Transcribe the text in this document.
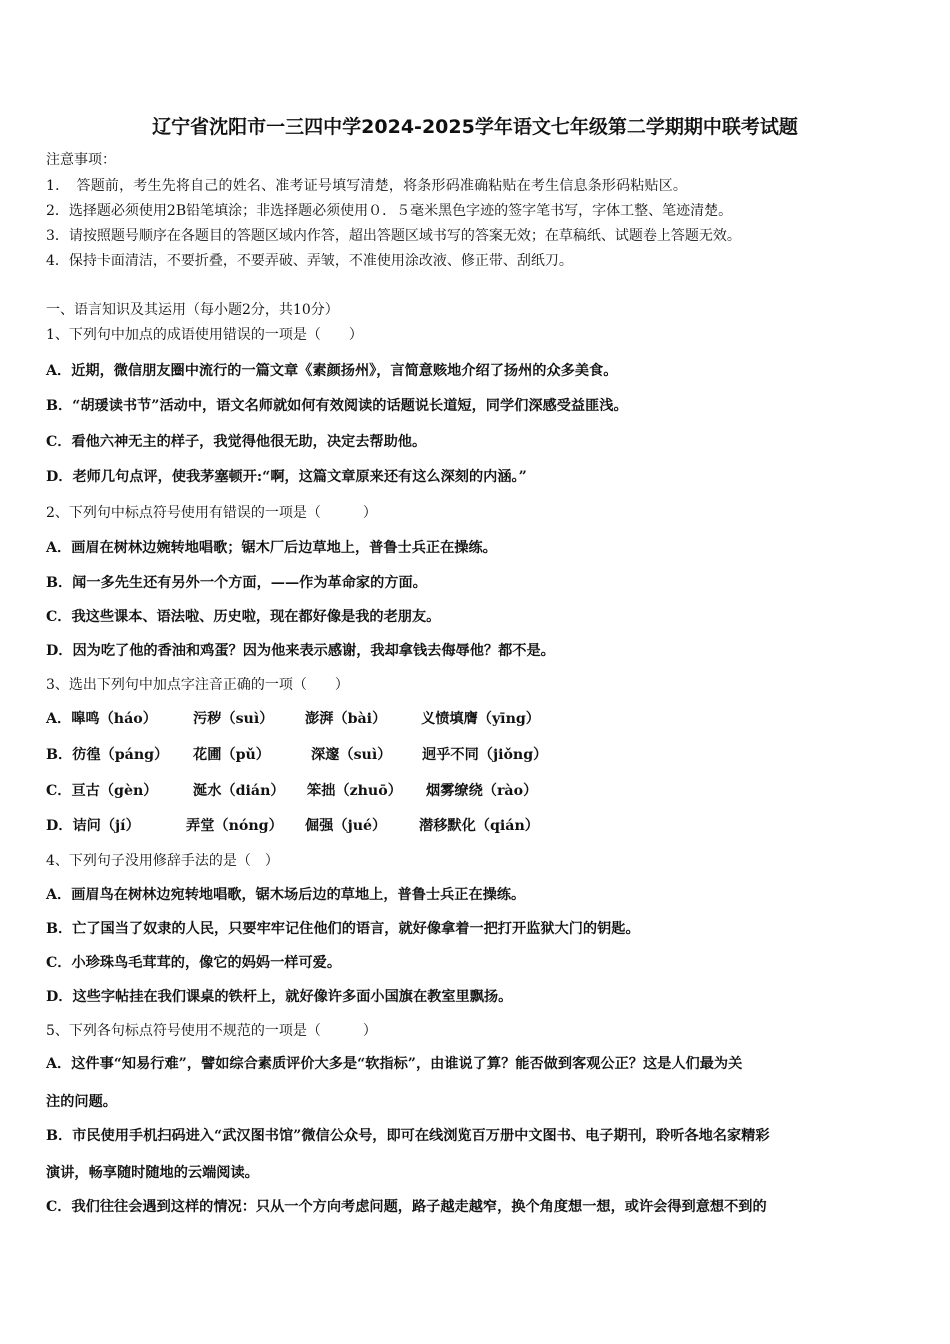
辽宁省沈阳市一三四中学2024-2025学年语文七年级第二学期期中联考试题
注意事项：
1．　答题前，考生先将自己的姓名、准考证号填写清楚，将条形码准确粘贴在考生信息条形码粘贴区。
2．选择题必须使用2B铅笔填涂；非选择题必须使用０．５毫米黑色字迹的签字笔书写，字体工整、笔迹清楚。
3．请按照题号顺序在各题目的答题区域内作答，超出答题区域书写的答案无效；在草稿纸、试题卷上答题无效。
4．保持卡面清洁，不要折叠，不要弄破、弄皱，不准使用涂改液、修正带、刮纸刀。
一、语言知识及其运用（每小题2分，共10分）
1、下列句中加点的成语使用错误的一项是（　　）
A．近期，微信朋友圈中流行的一篇文章《素颜扬州》，言简意赅地介绍了扬州的众多美食。
B．“胡瑗读书节”活动中，语文名师就如何有效阅读的话题说长道短，同学们深感受益匪浅。
C．看他六神无主的样子，我觉得他很无助，决定去帮助他。
D．老师几句点评，使我茅塞顿开:“啊，这篇文章原来还有这么深刻的内涵。”
2、下列句中标点符号使用有错误的一项是（　　　）
A．画眉在树林边婉转地唱歌；锯木厂后边草地上，普鲁士兵正在操练。
B．闻一多先生还有另外一个方面，——作为革命家的方面。
C．我这些课本、语法啦、历史啦，现在都好像是我的老朋友。
D．因为吃了他的香油和鸡蛋？因为他来表示感谢，我却拿钱去侮辱他？都不是。
3、选出下列句中加点字注音正确的一项（　　）
A．嗥鸣（háo）	污秽（suì） 澎湃（bài） 义愤填膺（yīng）
B．彷徨（páng） 花圃（pǔ）	深邃（suì） 迥乎不同（jiǒng）
C．亘古（gèn）	涎水（dián） 笨拙（zhuō） 烟雾缭绕（rào）
D．诘问（jí）	弄堂（nóng） 倔强（jué） 潜移默化（qián）
4、下列句子没用修辞手法的是（　）
A．画眉鸟在树林边宛转地唱歌，锯木场后边的草地上，普鲁士兵正在操练。
B．亡了国当了奴隶的人民，只要牢牢记住他们的语言，就好像拿着一把打开监狱大门的钥匙。
C．小珍珠鸟毛茸茸的，像它的妈妈一样可爱。
D．这些字帖挂在我们课桌的铁杆上，就好像许多面小国旗在教室里飘扬。
5、下列各句标点符号使用不规范的一项是（　　　）
A．这件事“知易行难”，譬如综合素质评价大多是“软指标”，由谁说了算？能否做到客观公正？这是人们最为关
注的问题。
B．市民使用手机扫码进入“武汉图书馆”微信公众号，即可在线浏览百万册中文图书、电子期刊，聆听各地名家精彩
演讲，畅享随时随地的云端阅读。
C．我们往往会遇到这样的情况：只从一个方向考虑问题，路子越走越窄，换个角度想一想，或许会得到意想不到的
